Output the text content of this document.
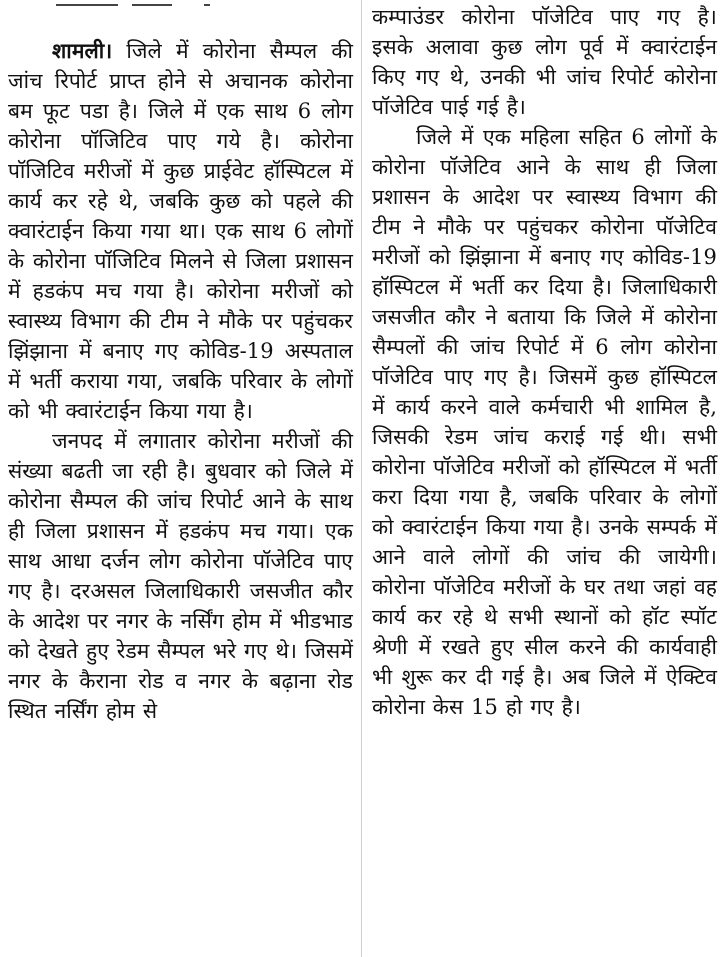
शामली। जिले में कोरोना सैम्पल की जांच रिपोर्ट प्राप्त होने से अचानक कोरोना बम फूट पडा है। जिले में एक साथ 6 लोग कोरोना पॉजिटिव पाए गये है। कोरोना पॉजिटिव मरीजों में कुछ प्राईवेट हॉस्पिटल में कार्य कर रहे थे, जबकि कुछ को पहले की क्वारंटाईन किया गया था। एक साथ 6 लोगों के कोरोना पॉजिटिव मिलने से जिला प्रशासन में हडकंप मच गया है। कोरोना मरीजों को स्वास्थ्य विभाग की टीम ने मौके पर पहुंचकर झिंझाना में बनाए गए कोविड-19 अस्पताल में भर्ती कराया गया, जबकि परिवार के लोगों को भी क्वारंटाईन किया गया है।

जनपद में लगातार कोरोना मरीजों की संख्या बढती जा रही है। बुधवार को जिले में कोरोना सैम्पल की जांच रिपोर्ट आने के साथ ही जिला प्रशासन में हडकंप मच गया। एक साथ आधा दर्जन लोग कोरोना पॉजेटिव पाए गए है। दरअसल जिलाधिकारी जसजीत कौर के आदेश पर नगर के नर्सिंग होम में भीडभाड को देखते हुए रेडम सैम्पल भरे गए थे। जिसमें नगर के कैराना रोड व नगर के बढ़ाना रोड स्थित नर्सिंग होम से

कम्पाउंडर कोरोना पॉजेटिव पाए गए है। इसके अलावा कुछ लोग पूर्व में क्वारंटाईन किए गए थे, उनकी भी जांच रिपोर्ट कोरोना पॉजेटिव पाई गई है।

जिले में एक महिला सहित 6 लोगों के कोरोना पॉजेटिव आने के साथ ही जिला प्रशासन के आदेश पर स्वास्थ्य विभाग की टीम ने मौके पर पहुंचकर कोरोना पॉजेटिव मरीजों को झिंझाना में बनाए गए कोविड-19 हॉस्पिटल में भर्ती कर दिया है। जिलाधिकारी जसजीत कौर ने बताया कि जिले में कोरोना सैम्पलों की जांच रिपोर्ट में 6 लोग कोरोना पॉजेटिव पाए गए है। जिसमें कुछ हॉस्पिटल में कार्य करने वाले कर्मचारी भी शामिल है, जिसकी रेडम जांच कराई गई थी। सभी कोरोना पॉजेटिव मरीजों को हॉस्पिटल में भर्ती करा दिया गया है, जबकि परिवार के लोगों को क्वारंटाईन किया गया है। उनके सम्पर्क में आने वाले लोगों की जांच की जायेगी। कोरोना पॉजेटिव मरीजों के घर तथा जहां वह कार्य कर रहे थे सभी स्थानों को हॉट स्पॉट श्रेणी में रखते हुए सील करने की कार्यवाही भी शुरू कर दी गई है। अब जिले में ऐक्टिव कोरोना केस 15 हो गए है।
